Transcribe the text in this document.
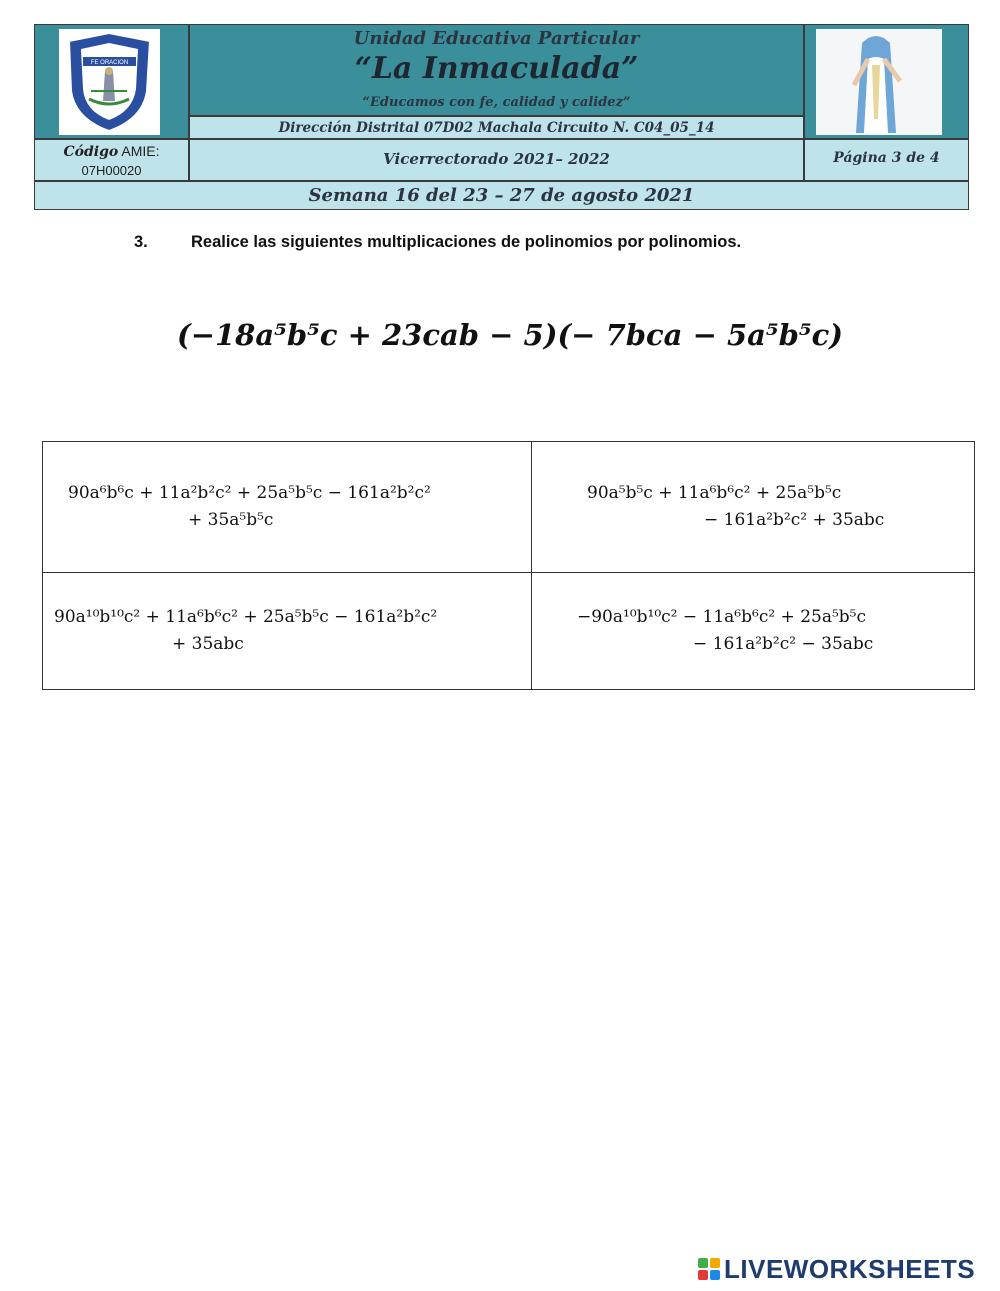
FE ORACION
Unidad Educativa Particular
“La Inmaculada”
“Educamos con fe, calidad y calidez”
Dirección Distrital 07D02 Machala Circuito N. C04_05_14
Código AMIE:
07H00020
Vicerrectorado 2021– 2022	Página 3 de 4
Semana 16 del 23 – 27 de agosto 2021
3.	Realice las siguientes multiplicaciones de polinomios por polinomios.
(−18a⁵b⁵c + 23cab − 5)(− 7bca − 5a⁵b⁵c)
90a⁶b⁶c + 11a²b²c² + 25a⁵b⁵c − 161a²b²c²
+ 35a⁵b⁵c
90a⁵b⁵c + 11a⁶b⁶c² + 25a⁵b⁵c
− 161a²b²c² + 35abc
90a¹⁰b¹⁰c² + 11a⁶b⁶c² + 25a⁵b⁵c − 161a²b²c²
+ 35abc
−90a¹⁰b¹⁰c² − 11a⁶b⁶c² + 25a⁵b⁵c
− 161a²b²c² − 35abc
LIVEWORKSHEETS
